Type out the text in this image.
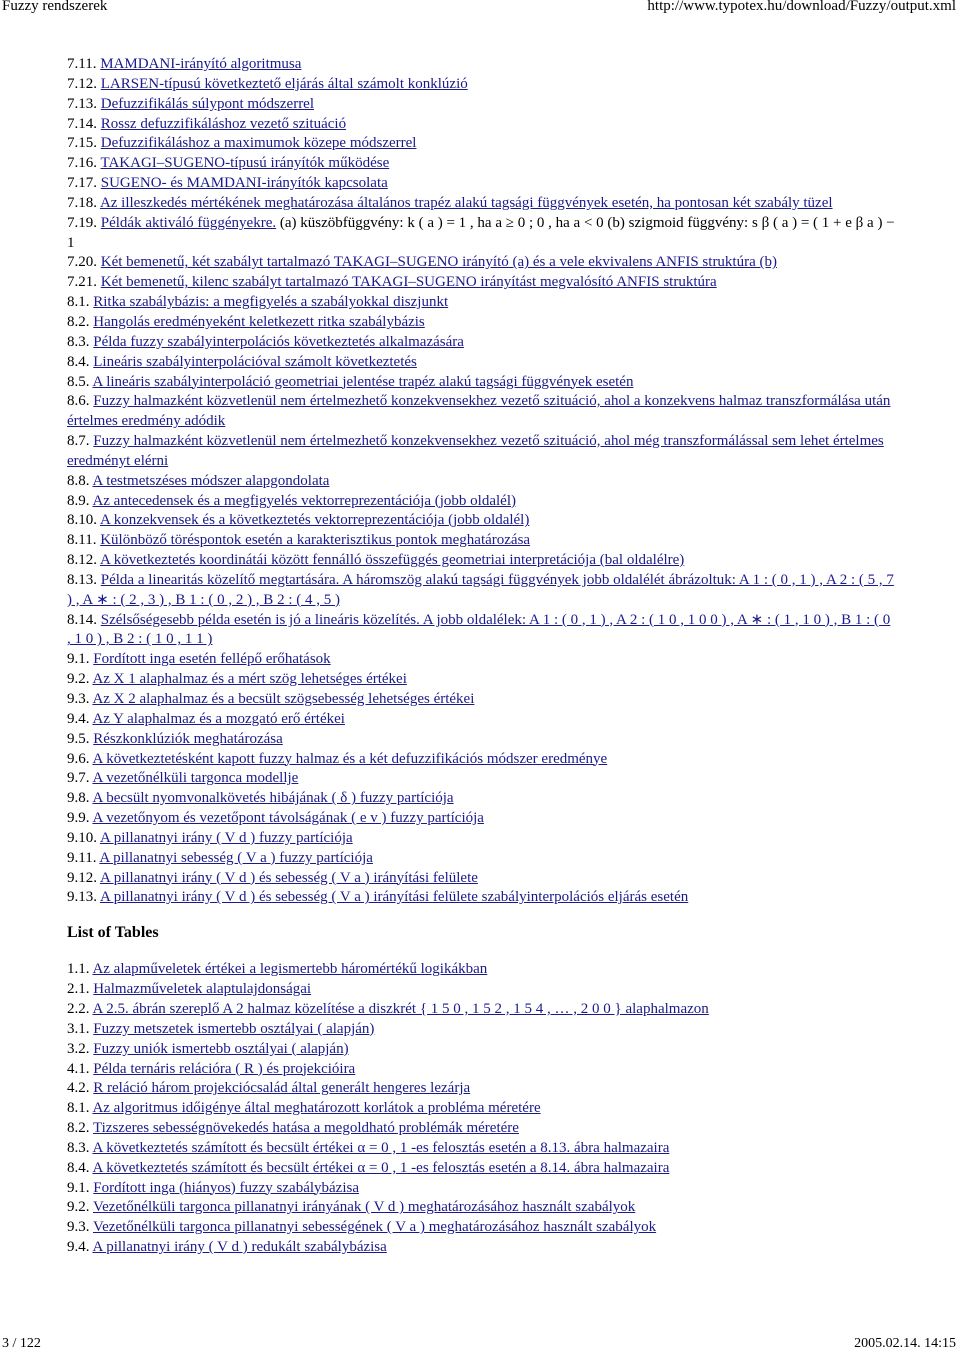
Fuzzy rendszerek	http://www.typotex.hu/download/Fuzzy/output.xml
7.11. MAMDANI-irányító algoritmusa
7.12. LARSEN-típusú következtető eljárás által számolt konklúzió
7.13. Defuzzifikálás súlypont módszerrel
7.14. Rossz defuzzifikáláshoz vezető szituáció
7.15. Defuzzifikáláshoz a maximumok közepe módszerrel
7.16. TAKAGI–SUGENO-típusú irányítók működése
7.17. SUGENO- és MAMDANI-irányítók kapcsolata
7.18. Az illeszkedés mértékének meghatározása általános trapéz alakú tagsági függvények esetén, ha pontosan két szabály tüzel
7.19. Példák aktiváló függényekre. (a) küszöbfüggvény: k ( a ) = 1 , ha a ≥ 0 ; 0 , ha a < 0 (b) szigmoid függvény: s β ( a ) = ( 1 + e β a ) − 1
7.20. Két bemenetű, két szabályt tartalmazó TAKAGI–SUGENO irányító (a) és a vele ekvivalens ANFIS struktúra (b)
7.21. Két bemenetű, kilenc szabályt tartalmazó TAKAGI–SUGENO irányítást megvalósító ANFIS struktúra
8.1. Ritka szabálybázis: a megfigyelés a szabályokkal diszjunkt
8.2. Hangolás eredményeként keletkezett ritka szabálybázis
8.3. Példa fuzzy szabályinterpolációs következtetés alkalmazására
8.4. Lineáris szabályinterpolációval számolt következtetés
8.5. A lineáris szabályinterpoláció geometriai jelentése trapéz alakú tagsági függvények esetén
8.6. Fuzzy halmazként közvetlenül nem értelmezhető konzekvensekhez vezető szituáció, ahol a konzekvens halmaz transzformálása után értelmes eredmény adódik
8.7. Fuzzy halmazként közvetlenül nem értelmezhető konzekvensekhez vezető szituáció, ahol még transzformálással sem lehet értelmes eredményt elérni
8.8. A testmetszéses módszer alapgondolata
8.9. Az antecedensek és a megfigyelés vektorreprezentációja (jobb oldalél)
8.10. A konzekvensek és a következtetés vektorreprezentációja (jobb oldalél)
8.11. Különböző töréspontok esetén a karakterisztikus pontok meghatározása
8.12. A következtetés koordinátái között fennálló összefüggés geometriai interpretációja (bal oldalélre)
8.13. Példa a linearitás közelítő megtartására. A háromszög alakú tagsági függvények jobb oldalélét ábrázoltuk: A 1 : ( 0 , 1 ) , A 2 : ( 5 , 7 ) , A ∗ : ( 2 , 3 ) , B 1 : ( 0 , 2 ) , B 2 : ( 4 , 5 )
8.14. Szélsőségesebb példa esetén is jó a lineáris közelítés. A jobb oldalélek: A 1 : ( 0 , 1 ) , A 2 : ( 1 0 , 1 0 0 ) , A ∗ : ( 1 , 1 0 ) , B 1 : ( 0 , 1 0 ) , B 2 : ( 1 0 , 1 1 )
9.1. Fordított inga esetén fellépő erőhatások
9.2. Az X 1 alaphalmaz és a mért szög lehetséges értékei
9.3. Az X 2 alaphalmaz és a becsült szögsebesség lehetséges értékei
9.4. Az Y alaphalmaz és a mozgató erő értékei
9.5. Részkonklúziók meghatározása
9.6. A következtetésként kapott fuzzy halmaz és a két defuzzifikációs módszer eredménye
9.7. A vezetőnélküli targonca modellje
9.8. A becsült nyomvonalkövetés hibájának ( δ ) fuzzy partíciója
9.9. A vezetőnyom és vezetőpont távolságának ( e v ) fuzzy partíciója
9.10. A pillanatnyi irány ( V d ) fuzzy partíciója
9.11. A pillanatnyi sebesség ( V a ) fuzzy partíciója
9.12. A pillanatnyi irány ( V d ) és sebesség ( V a ) irányítási felülete
9.13. A pillanatnyi irány ( V d ) és sebesség ( V a ) irányítási felülete szabályinterpolációs eljárás esetén
List of Tables
1.1. Az alapműveletek értékei a legismertebb háromértékű logikákban
2.1. Halmazműveletek alaptulajdonságai
2.2. A 2.5. ábrán szereplő A 2 halmaz közelítése a diszkrét { 1 5 0 , 1 5 2 , 1 5 4 , … , 2 0 0 } alaphalmazon
3.1. Fuzzy metszetek ismertebb osztályai ( alapján)
3.2. Fuzzy uniók ismertebb osztályai ( alapján)
4.1. Példa ternáris relációra ( R ) és projekcióira
4.2. R reláció három projekciócsalád által generált hengeres lezárja
8.1. Az algoritmus időigénye által meghatározott korlátok a probléma méretére
8.2. Tizszeres sebességnövekedés hatása a megoldható problémák méretére
8.3. A következtetés számított és becsült értékei α = 0 , 1 -es felosztás esetén a 8.13. ábra halmazaira
8.4. A következtetés számított és becsült értékei α = 0 , 1 -es felosztás esetén a 8.14. ábra halmazaira
9.1. Fordított inga (hiányos) fuzzy szabálybázisa
9.2. Vezetőnélküli targonca pillanatnyi irányának ( V d ) meghatározásához használt szabályok
9.3. Vezetőnélküli targonca pillanatnyi sebességének ( V a ) meghatározásához használt szabályok
9.4. A pillanatnyi irány ( V d ) redukált szabálybázisa
3 / 122	2005.02.14. 14:15
